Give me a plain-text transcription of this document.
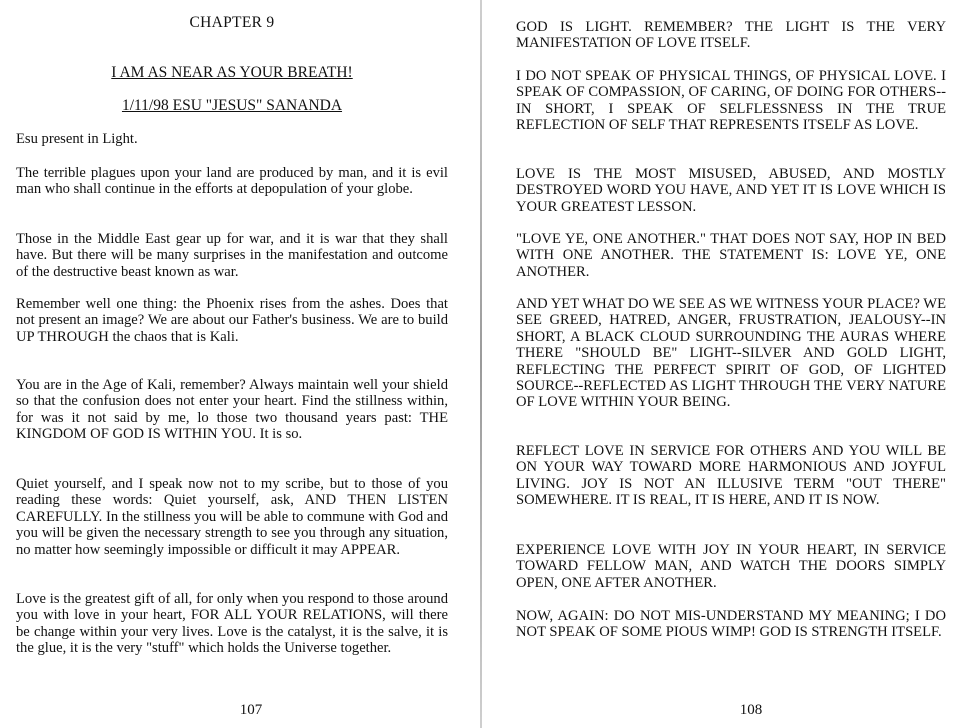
CHAPTER 9
I AM AS NEAR AS YOUR BREATH!
1/11/98 ESU "JESUS" SANANDA

Esu present in Light.

The terrible plagues upon your land are produced by man, and it is evil man who shall continue in the efforts at depopulation of your globe.

Those in the Middle East gear up for war, and it is war that they shall have. But there will be many surprises in the manifestation and outcome of the destructive beast known as war.

Remember well one thing: the Phoenix rises from the ashes. Does that not present an image? We are about our Father's business. We are to build UP THROUGH the chaos that is Kali.

You are in the Age of Kali, remember? Always maintain well your shield so that the confusion does not enter your heart. Find the stillness within, for was it not said by me, lo those two thousand years past: THE KINGDOM OF GOD IS WITHIN YOU. It is so.

Quiet yourself, and I speak now not to my scribe, but to those of you reading these words: Quiet yourself, ask, AND THEN LISTEN CAREFULLY. In the stillness you will be able to commune with God and you will be given the necessary strength to see you through any situation, no matter how seemingly impossible or difficult it may APPEAR.

Love is the greatest gift of all, for only when you respond to those around you with love in your heart, FOR ALL YOUR RELATIONS, will there be change within your very lives. Love is the catalyst, it is the salve, it is the glue, it is the very "stuff" which holds the Universe together.

107

GOD IS LIGHT. REMEMBER? THE LIGHT IS THE VERY MANIFESTATION OF LOVE ITSELF.

I DO NOT SPEAK OF PHYSICAL THINGS, OF PHYSICAL LOVE. I SPEAK OF COMPASSION, OF CARING, OF DOING FOR OTHERS--IN SHORT, I SPEAK OF SELFLESSNESS IN THE TRUE REFLECTION OF SELF THAT REPRESENTS ITSELF AS LOVE.

LOVE IS THE MOST MISUSED, ABUSED, AND MOSTLY DESTROYED WORD YOU HAVE, AND YET IT IS LOVE WHICH IS YOUR GREATEST LESSON.

"LOVE YE, ONE ANOTHER." THAT DOES NOT SAY, HOP IN BED WITH ONE ANOTHER. THE STATEMENT IS: LOVE YE, ONE ANOTHER.

AND YET WHAT DO WE SEE AS WE WITNESS YOUR PLACE? WE SEE GREED, HATRED, ANGER, FRUSTRATION, JEALOUSY--IN SHORT, A BLACK CLOUD SURROUNDING THE AURAS WHERE THERE "SHOULD BE" LIGHT--SILVER AND GOLD LIGHT, REFLECTING THE PERFECT SPIRIT OF GOD, OF LIGHTED SOURCE--REFLECTED AS LIGHT THROUGH THE VERY NATURE OF LOVE WITHIN YOUR BEING.

REFLECT LOVE IN SERVICE FOR OTHERS AND YOU WILL BE ON YOUR WAY TOWARD MORE HARMONIOUS AND JOYFUL LIVING. JOY IS NOT AN ILLUSIVE TERM "OUT THERE" SOMEWHERE. IT IS REAL, IT IS HERE, AND IT IS NOW.

EXPERIENCE LOVE WITH JOY IN YOUR HEART, IN SERVICE TOWARD FELLOW MAN, AND WATCH THE DOORS SIMPLY OPEN, ONE AFTER ANOTHER.

NOW, AGAIN: DO NOT MIS-UNDERSTAND MY MEANING; I DO NOT SPEAK OF SOME PIOUS WIMP! GOD IS STRENGTH ITSELF.

108
